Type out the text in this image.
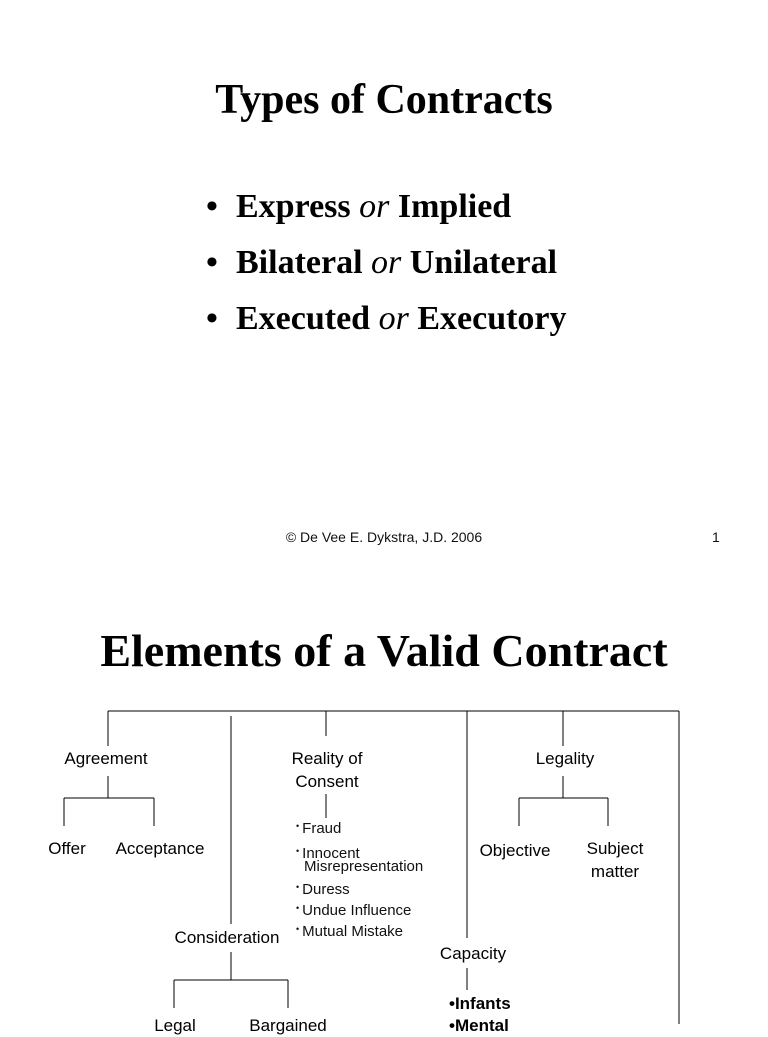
Types of Contracts
• Express or Implied
• Bilateral or Unilateral
• Executed or Executory
© De Vee E. Dykstra, J.D. 2006	1
Elements of a Valid Contract
Agreement
Offer	Acceptance
Reality of
Consent
• Fraud
• Innocent
Misrepresentation
• Duress
• Undue Influence
• Mutual Mistake
Legality
Objective	Subject
matter
Consideration
Legal	Bargained
Capacity
•Infants
•Mental
